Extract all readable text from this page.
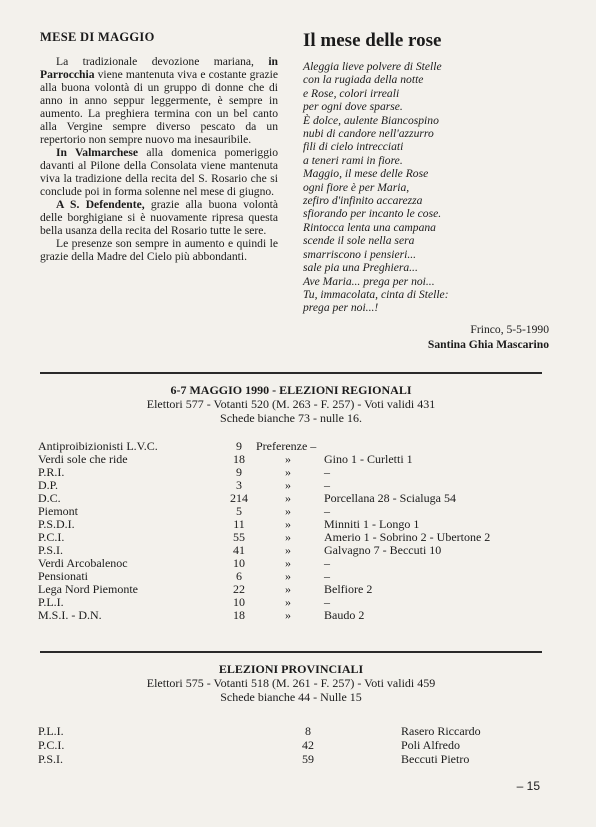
MESE DI MAGGIO

La tradizionale devozione mariana, in Parrocchia viene mantenuta viva e costante grazie alla buona volontà di un gruppo di donne che di anno in anno seppur leggermente, è sempre in aumento. La preghiera termina con un bel canto alla Vergine sempre diverso pescato da un repertorio non sempre nuovo ma inesauribile.

In Valmarchese alla domenica pomeriggio davanti al Pilone della Consolata viene mantenuta viva la tradizione della recita del S. Rosario che si conclude poi in forma solenne nel mese di giugno.

A S. Defendente, grazie alla buona volontà delle borghigiane si è nuovamente ripresa questa bella usanza della recita del Rosario tutte le sere.

Le presenze son sempre in aumento e quindi le grazie della Madre del Cielo più abbondanti.

Il mese delle rose
Aleggia lieve polvere di Stelle
con la rugiada della notte
e Rose, colori irreali
per ogni dove sparse.
È dolce, aulente Biancospino
nubi di candore nell'azzurro
fili di cielo intrecciati
a teneri rami in fiore.
Maggio, il mese delle Rose
ogni fiore è per Maria,
zefiro d'infinito accarezza
sfiorando per incanto le cose.
Rintocca lenta una campana
scende il sole nella sera
smarriscono i pensieri...
sale pia una Preghiera...
Ave Maria... prega per noi...
Tu, immacolata, cinta di Stelle:
prega per noi...!
Frinco, 5-5-1990
Santina Ghia Mascarino
6-7 MAGGIO 1990 - ELEZIONI REGIONALI
Elettori 577 - Votanti 520 (M. 263 - F. 257) - Voti validi 431
Schede bianche 73 - nulle 16.
Antiproibizionisti L.V.C.	9	Preferenze –
Verdi sole che ride	18	»	Gino 1 - Curletti 1
P.R.I.	9	»	–
D.P.	3	»	–
D.C.	214	»	Porcellana 28 - Scialuga 54
Piemont	5	»	–
P.S.D.I.	11	»	Minniti 1 - Longo 1
P.C.I.	55	»	Amerio 1 - Sobrino 2 - Ubertone 2
P.S.I.	41	»	Galvagno 7 - Beccuti 10
Verdi Arcobalenoc	10	»	–
Pensionati	6	»	–
Lega Nord Piemonte	22	»	Belfiore 2
P.L.I.	10	»	–
M.S.I. - D.N.	18	»	Baudo 2
ELEZIONI PROVINCIALI
Elettori 575 - Votanti 518 (M. 261 - F. 257) - Voti validi 459
Schede bianche 44 - Nulle 15
P.L.I.	8	Rasero Riccardo
P.C.I.	42	Poli Alfredo
P.S.I.	59	Beccuti Pietro
– 15
